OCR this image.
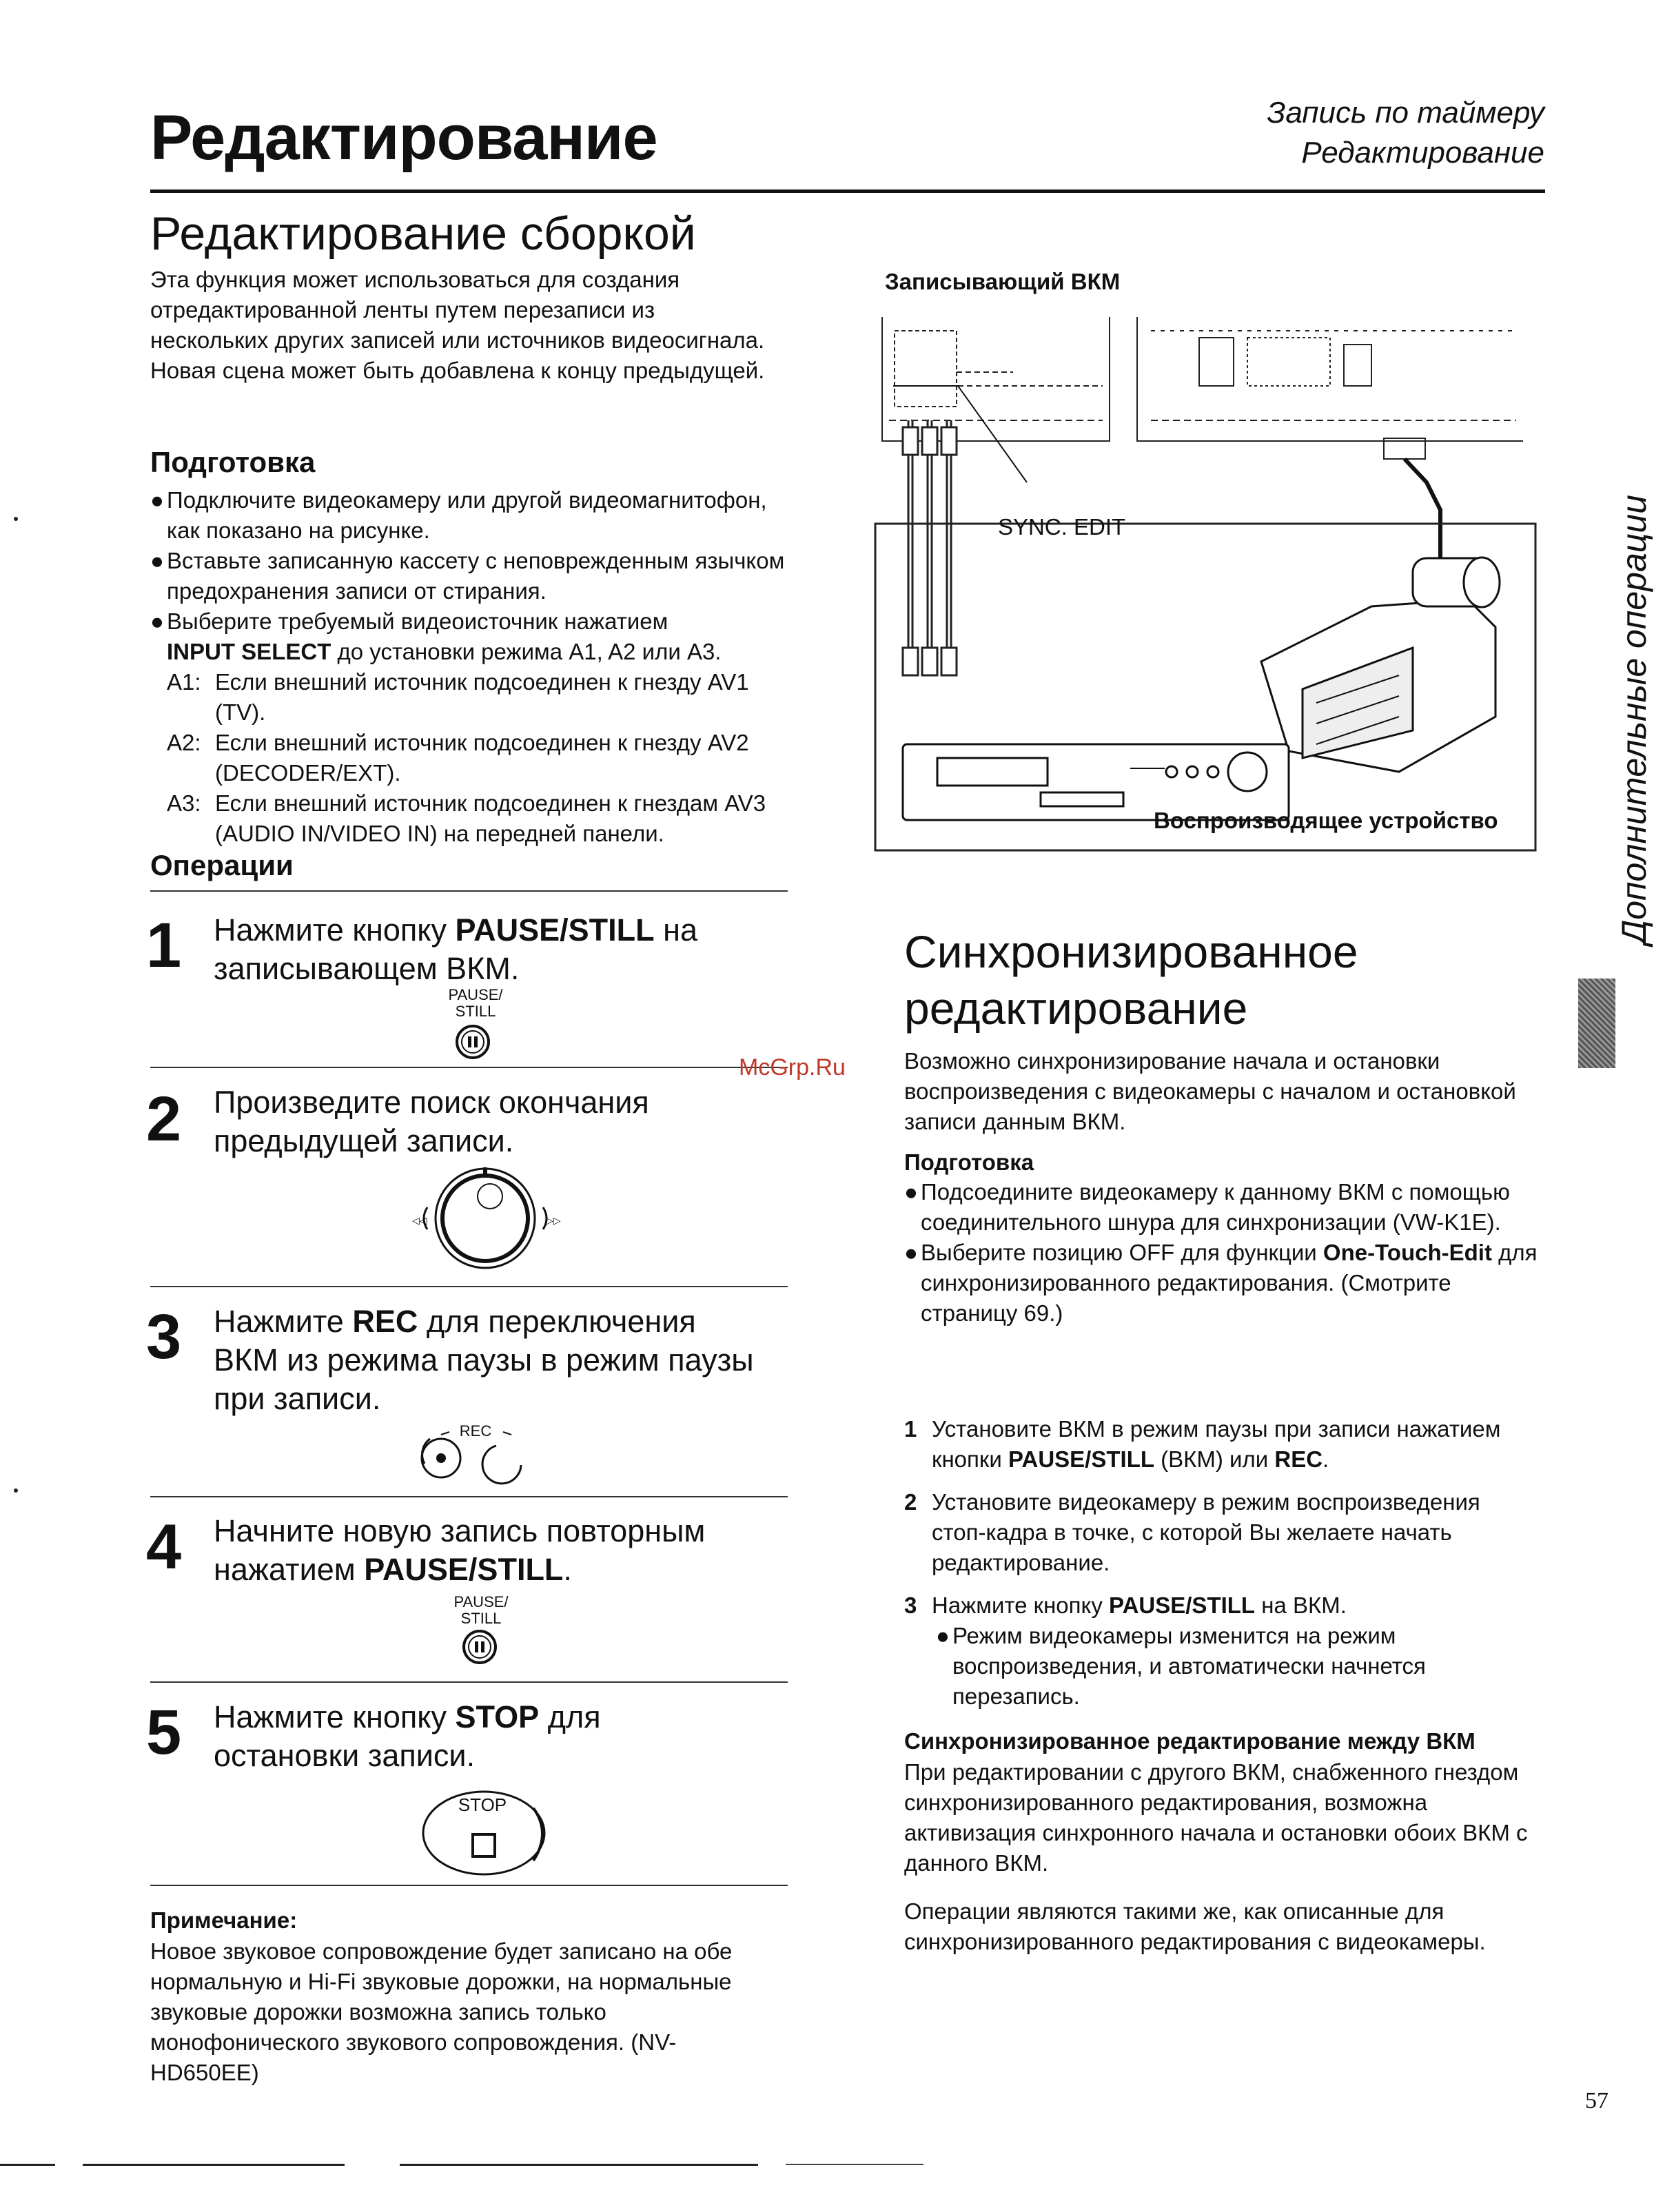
Редактирование	Запись по таймеру
Редактирование
Редактирование сборкой
Эта функция может использоваться для создания отредактированной ленты путем перезаписи из нескольких других записей или источников видеосигнала.
Новая сцена может быть добавлена к концу предыдущей.
Подготовка
● Подключите видеокамеру или другой видеомагнитофон, как показано на рисунке.
● Вставьте записанную кассету с неповрежденным язычком предохранения записи от стирания.
● Выберите требуемый видеоисточник нажатием
INPUT SELECT до установки режима A1, A2 или A3.
A1: Если внешний источник подсоединен к гнезду AV1 (TV).
A2: Если внешний источник подсоединен к гнезду AV2 (DECODER/EXT).
A3: Если внешний источник подсоединен к гнездам AV3 (AUDIO IN/VIDEO IN) на передней панели.
Операции
1 Нажмите кнопку PAUSE/STILL на записывающем ВКМ.
PAUSE/ STILL
2 Произведите поиск окончания предыдущей записи.
◁◁	▷▷
3 Нажмите REC для переключения ВКМ из режима паузы в режим паузы при записи.
REC
4 Начните новую запись повторным нажатием PAUSE/STILL.
PAUSE/ STILL
5 Нажмите кнопку STOP для остановки записи.
STOP
Примечание:
Новое звуковое сопровождение будет записано на обе нормальную и Hi-Fi звуковые дорожки, на нормальные звуковые дорожки возможна запись только монофонического звукового сопровождения. (NV-HD650EE)
Записывающий ВКМ
SYNC. EDIT
Воспроизводящее устройство
Синхронизированное
редактирование
Возможно синхронизирование начала и остановки воспроизведения с видеокамеры с началом и остановкой записи данным ВКМ.
Подготовка
● Подсоедините видеокамеру к данному ВКМ с помощью соединительного шнура для синхронизации (VW-K1E).
● Выберите позицию OFF для функции One-Touch-Edit для синхронизированного редактирования. (Смотрите страницу 69.)
1 Установите ВКМ в режим паузы при записи нажатием кнопки PAUSE/STILL (ВКМ) или REC.
2 Установите видеокамеру в режим воспроизведения стоп-кадра в точке, с которой Вы желаете начать редактирование.
3 Нажмите кнопку PAUSE/STILL на ВКМ.
● Режим видеокамеры изменится на режим воспроизведения, и автоматически начнется перезапись.
Синхронизированное редактирование между ВКМ
При редактировании с другого ВКМ, снабженного гнездом синхронизированного редактирования, возможна активизация синхронного начала и остановки обоих ВКМ с данного ВКМ.
Операции являются такими же, как описанные для синхронизированного редактирования с видеокамеры.
Дополнительные операции
McGrp.Ru
57
